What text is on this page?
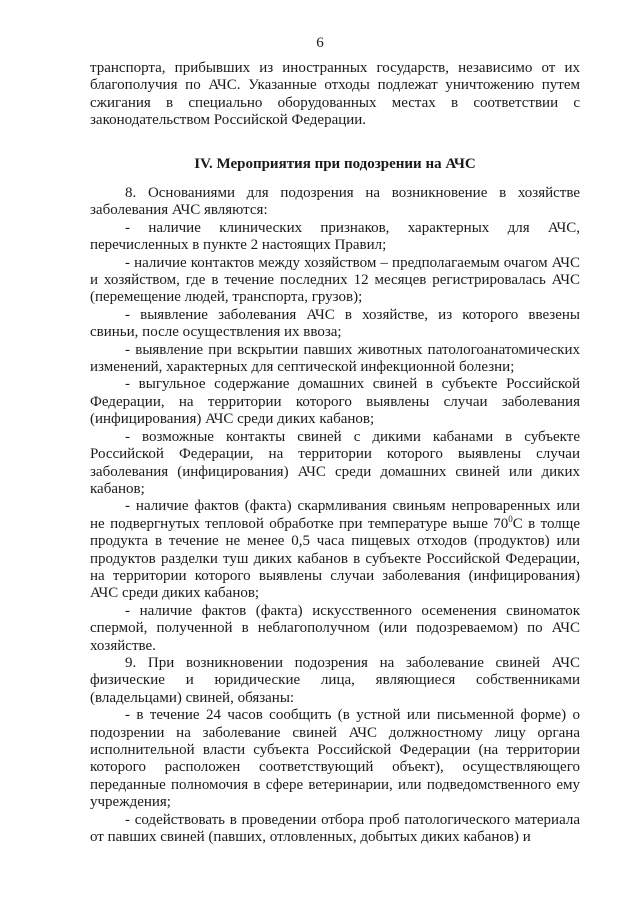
6

транспорта, прибывших из иностранных государств, независимо от их благополучия по АЧС. Указанные отходы подлежат уничтожению путем сжигания в специально оборудованных местах в соответствии с законодательством Российской Федерации.

IV. Мероприятия при подозрении на АЧС

8. Основаниями для подозрения на возникновение в хозяйстве заболевания АЧС являются:

- наличие клинических признаков, характерных для АЧС, перечисленных в пункте 2 настоящих Правил;

- наличие контактов между хозяйством – предполагаемым очагом АЧС и хозяйством, где в течение последних 12 месяцев регистрировалась АЧС (перемещение людей, транспорта, грузов);

- выявление заболевания АЧС в хозяйстве, из которого ввезены свиньи, после осуществления их ввоза;

- выявление при вскрытии павших животных патологоанатомических изменений, характерных для септической инфекционной болезни;

- выгульное содержание домашних свиней в субъекте Российской Федерации, на территории которого выявлены случаи заболевания (инфицирования) АЧС среди диких кабанов;

- возможные контакты свиней с дикими кабанами в субъекте Российской Федерации, на территории которого выявлены случаи заболевания (инфицирования) АЧС среди домашних свиней или диких кабанов;

- наличие фактов (факта) скармливания свиньям непроваренных или не подвергнутых тепловой обработке при температуре выше $70^0С$ в толще продукта в течение не менее 0,5 часа пищевых отходов (продуктов) или продуктов разделки туш диких кабанов в субъекте Российской Федерации, на территории которого выявлены случаи заболевания (инфицирования) АЧС среди диких кабанов;

- наличие фактов (факта) искусственного осеменения свиноматок спермой, полученной в неблагополучном (или подозреваемом) по АЧС хозяйстве.

9. При возникновении подозрения на заболевание свиней АЧС физические и юридические лица, являющиеся собственниками (владельцами) свиней, обязаны:

- в течение 24 часов сообщить (в устной или письменной форме) о подозрении на заболевание свиней АЧС должностному лицу органа исполнительной власти субъекта Российской Федерации (на территории которого расположен соответствующий объект), осуществляющего переданные полномочия в сфере ветеринарии, или подведомственного ему учреждения;

- содействовать в проведении отбора проб патологического материала от павших свиней (павших, отловленных, добытых диких кабанов) и
